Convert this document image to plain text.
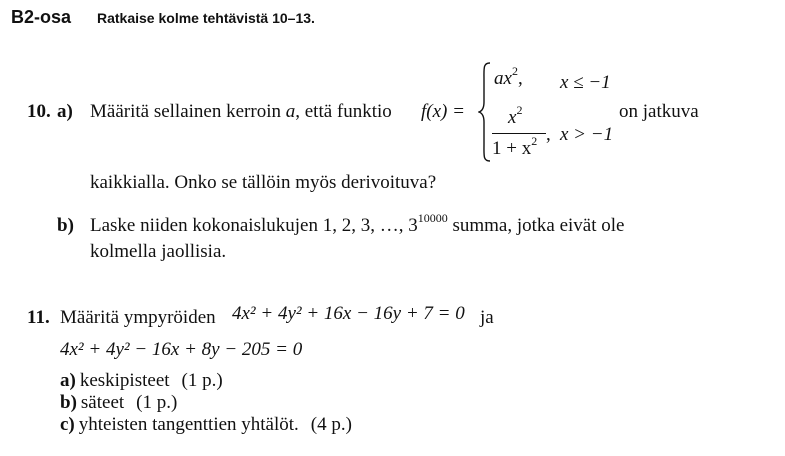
B2-osa Ratkaise kolme tehtävistä 10–13.
10. a) Määritä sellainen kerroin a, että funktio f(x) =
$ax^2$, x ≤ −1
$x^2$
$1 + x^2$ , x > −1
on jatkuva
kaikkialla. Onko se tällöin myös derivoituva?
b) Laske niiden kokonaislukujen 1, 2, 3, …, $3^{10000}$ summa, jotka eivät ole
kolmella jaollisia.
11. Määritä ympyröiden 4x² + 4y² + 16x − 16y + 7 = 0 ja
4x² + 4y² − 16x + 8y − 205 = 0
a) keskipisteet (1 p.)
b) säteet (1 p.)
c) yhteisten tangenttien yhtälöt. (4 p.)
